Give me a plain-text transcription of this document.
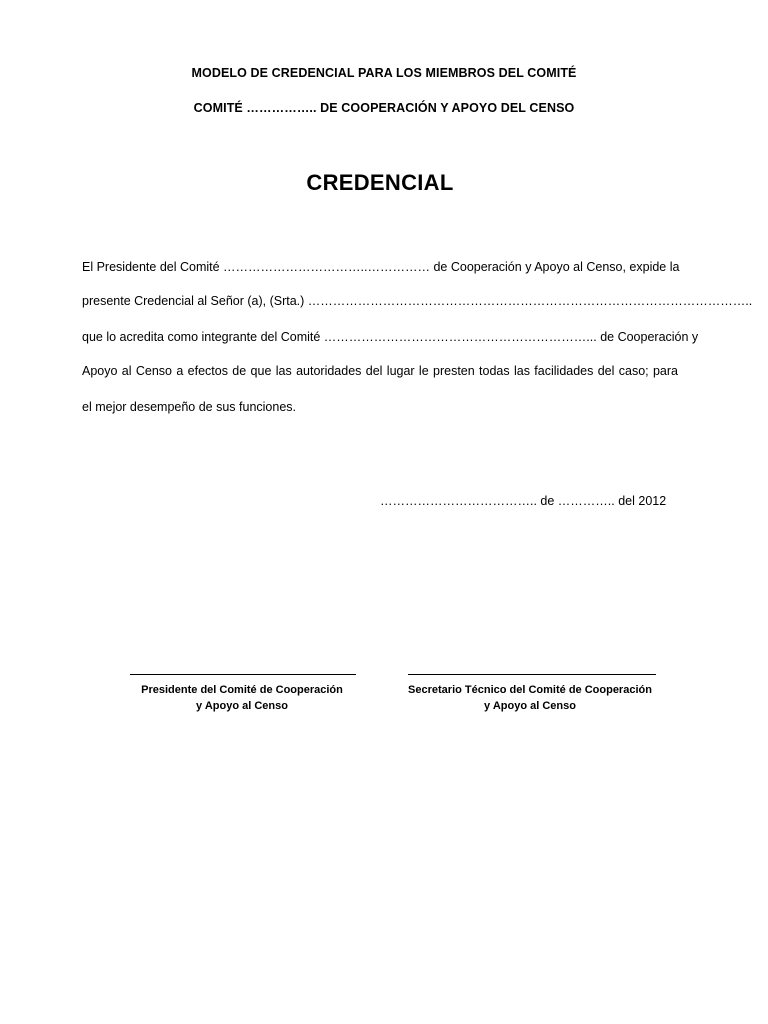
MODELO DE CREDENCIAL PARA LOS MIEMBROS DEL COMITÉ
COMITÉ …………….. DE COOPERACIÓN Y APOYO DEL CENSO
CREDENCIAL
El Presidente del Comité ……………………………..…………… de Cooperación y Apoyo al Censo, expide la
presente Credencial al Señor (a), (Srta.) ……………………………………………………………………………………………..
que lo acredita como integrante del Comité ………………………………………………………... de Cooperación y
Apoyo al Censo a efectos de que las autoridades del lugar le presten todas las facilidades del caso; para
el mejor desempeño de sus funciones.
……………………………….. de ………….. del 2012
Presidente del Comité de Cooperación
y Apoyo al Censo
Secretario Técnico del Comité de Cooperación
y Apoyo al Censo
